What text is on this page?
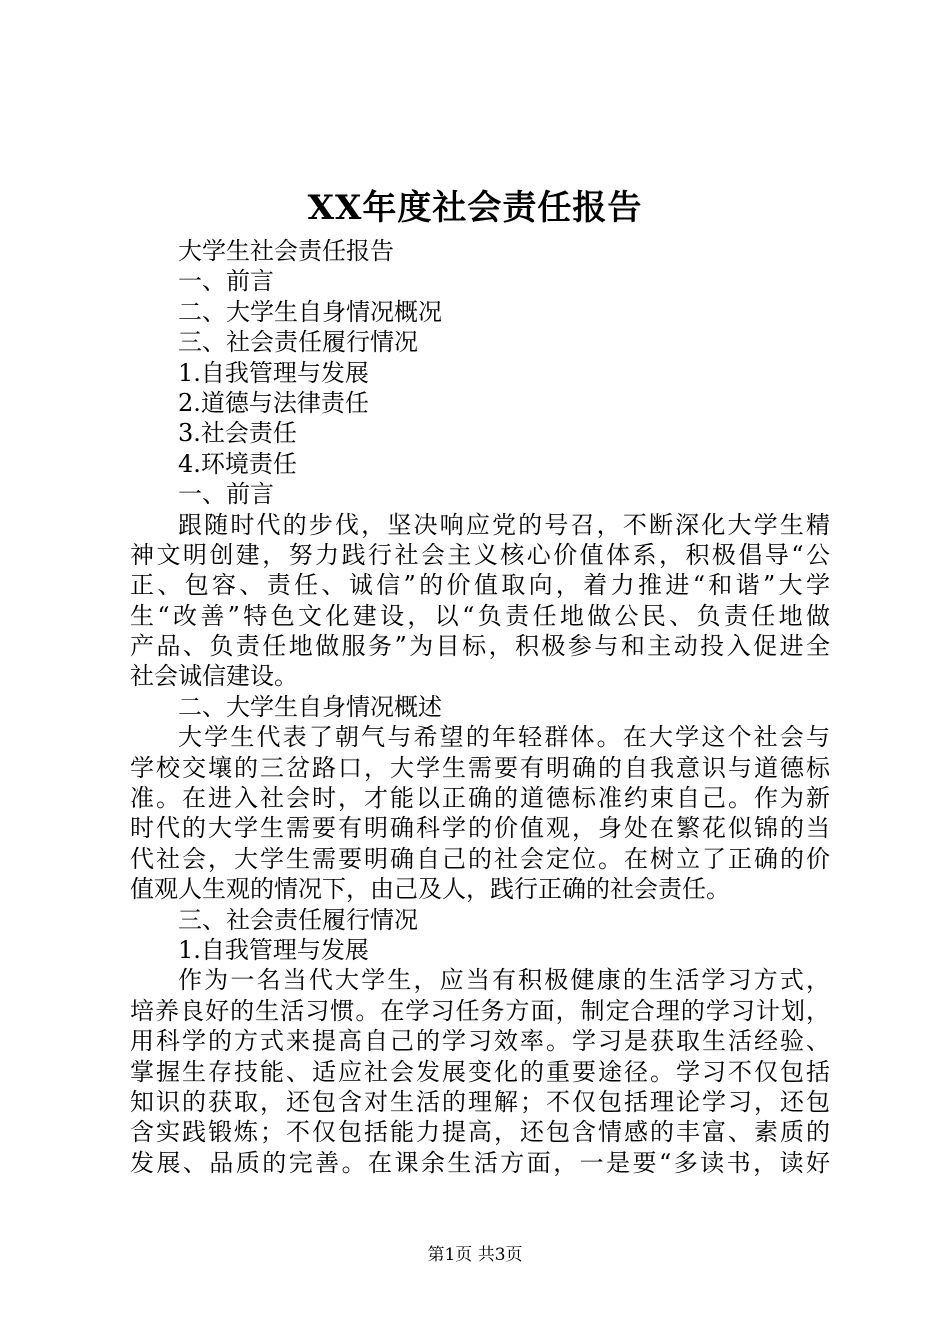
XX年度社会责任报告
大学生社会责任报告
一、前言
二、大学生自身情况概况
三、社会责任履行情况
1.自我管理与发展
2.道德与法律责任
3.社会责任
4.环境责任
一、前言
跟随时代的步伐，坚决响应党的号召，不断深化大学生精
神文明创建，努力践行社会主义核心价值体系，积极倡导“公
正、包容、责任、诚信”的价值取向，着力推进“和谐”大学
生“改善”特色文化建设，以“负责任地做公民、负责任地做
产品、负责任地做服务”为目标，积极参与和主动投入促进全
社会诚信建设。
二、大学生自身情况概述
大学生代表了朝气与希望的年轻群体。在大学这个社会与
学校交壤的三岔路口，大学生需要有明确的自我意识与道德标
准。在进入社会时，才能以正确的道德标准约束自己。作为新
时代的大学生需要有明确科学的价值观，身处在繁花似锦的当
代社会，大学生需要明确自己的社会定位。在树立了正确的价
值观人生观的情况下，由己及人，践行正确的社会责任。
三、社会责任履行情况
1.自我管理与发展
作为一名当代大学生，应当有积极健康的生活学习方式，
培养良好的生活习惯。在学习任务方面，制定合理的学习计划，
用科学的方式来提高自己的学习效率。学习是获取生活经验、
掌握生存技能、适应社会发展变化的重要途径。学习不仅包括
知识的获取，还包含对生活的理解；不仅包括理论学习，还包
含实践锻炼；不仅包括能力提高，还包含情感的丰富、素质的
发展、品质的完善。在课余生活方面，一是要“多读书，读好
第1页 共3页
